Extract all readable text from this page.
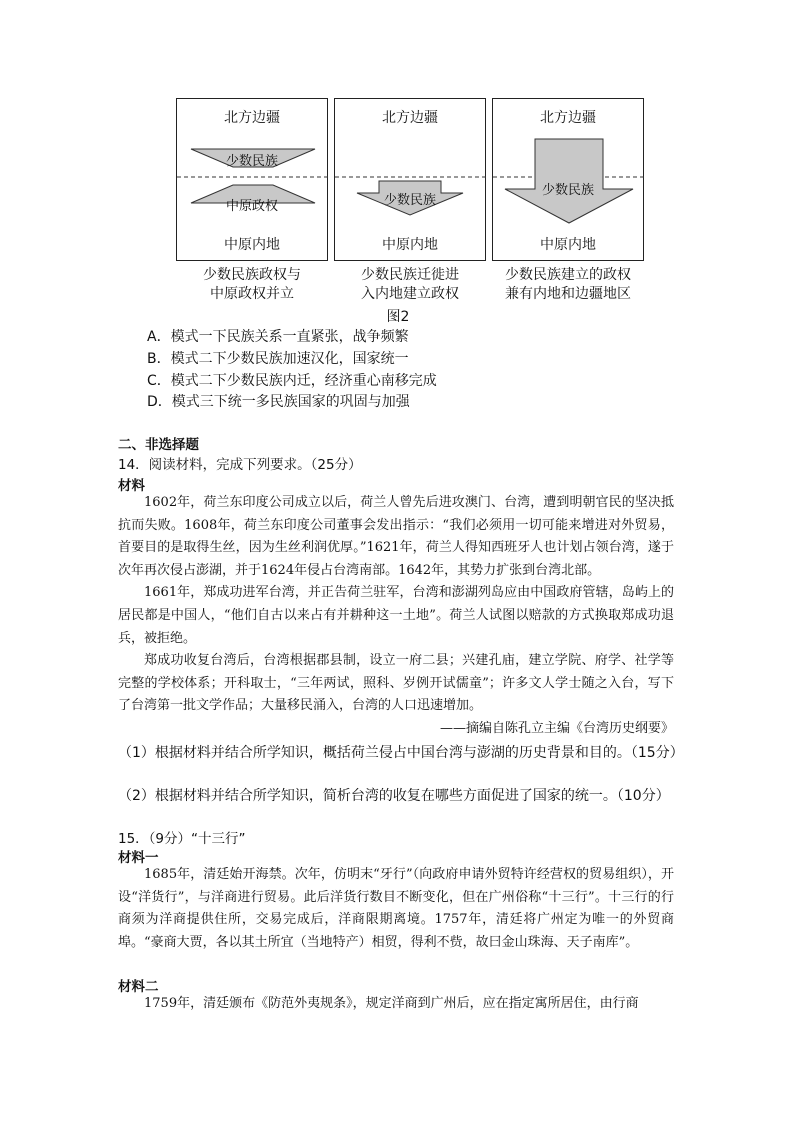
北方边疆
少数民族
中原政权
中原内地
北方边疆
少数民族
中原内地
北方边疆
少数民族
中原内地
少数民族政权与
中原政权并立
少数民族迁徙进
入内地建立政权
少数民族建立的政权
兼有内地和边疆地区
图2
A．模式一下民族关系一直紧张，战争频繁
B．模式二下少数民族加速汉化，国家统一
C．模式二下少数民族内迁，经济重心南移完成
D．模式三下统一多民族国家的巩固与加强
二、非选择题
14．阅读材料，完成下列要求。（25分）
材料

1602年，荷兰东印度公司成立以后，荷兰人曾先后进攻澳门、台湾，遭到明朝官民的坚决抵抗而失败。1608年，荷兰东印度公司董事会发出指示：“我们必须用一切可能来增进对外贸易，首要目的是取得生丝，因为生丝利润优厚。”1621年，荷兰人得知西班牙人也计划占领台湾，遂于次年再次侵占澎湖，并于1624年侵占台湾南部。1642年，其势力扩张到台湾北部。

1661年，郑成功进军台湾，并正告荷兰驻军，台湾和澎湖列岛应由中国政府管辖，岛屿上的居民都是中国人，“他们自古以来占有并耕种这一土地”。荷兰人试图以赔款的方式换取郑成功退兵，被拒绝。

郑成功收复台湾后，台湾根据郡县制，设立一府二县；兴建孔庙，建立学院、府学、社学等完整的学校体系；开科取士，“三年两试，照科、岁例开试儒童”；许多文人学士随之入台，写下了台湾第一批文学作品；大量移民涌入，台湾的人口迅速增加。

——摘编自陈孔立主编《台湾历史纲要》

（1）根据材料并结合所学知识，概括荷兰侵占中国台湾与澎湖的历史背景和目的。（15分）
（2）根据材料并结合所学知识，简析台湾的收复在哪些方面促进了国家的统一。（10分）
15．（9分）“十三行”
材料一

1685年，清廷始开海禁。次年，仿明末“牙行”（向政府申请外贸特许经营权的贸易组织），开设“洋货行”，与洋商进行贸易。此后洋货行数目不断变化，但在广州俗称“十三行”。十三行的行商须为洋商提供住所，交易完成后，洋商限期离境。1757年，清廷将广州定为唯一的外贸商埠。“豪商大贾，各以其土所宜（当地特产）相贸，得利不赀，故曰金山珠海、天子南库”。

材料二

1759年，清廷颁布《防范外夷规条》，规定洋商到广州后，应在指定寓所居住，由行商
